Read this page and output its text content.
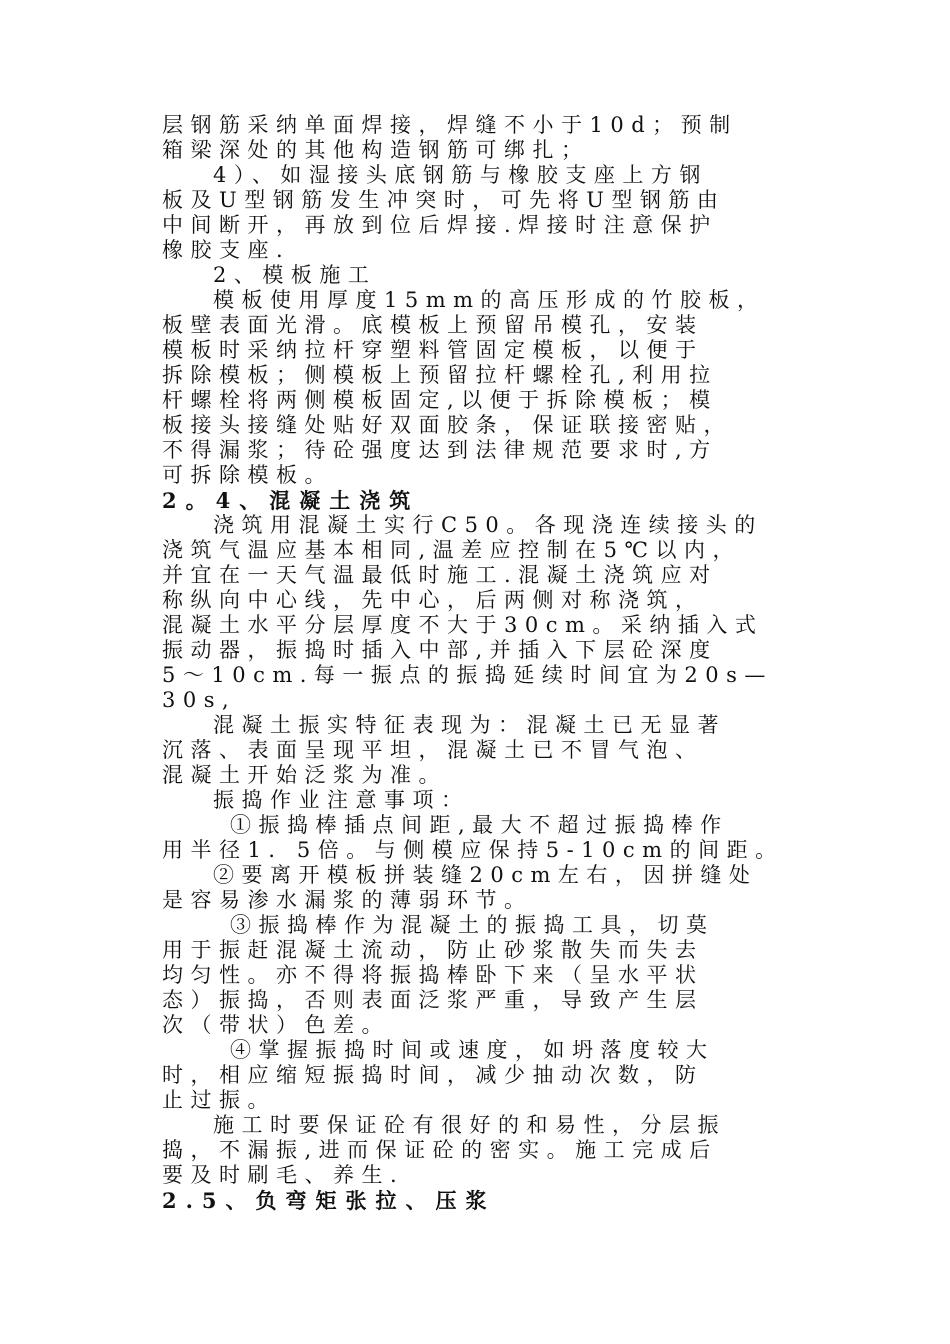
层钢筋采纳单面焊接，焊缝不小于10d；预制
箱梁深处的其他构造钢筋可绑扎；
4）、如湿接头底钢筋与橡胶支座上方钢
板及U型钢筋发生冲突时，可先将U型钢筋由
中间断开，再放到位后焊接.焊接时注意保护
橡胶支座.
2、模板施工
模板使用厚度15mm的高压形成的竹胶板，
板壁表面光滑。底模板上预留吊模孔，安装
模板时采纳拉杆穿塑料管固定模板，以便于
拆除模板；侧模板上预留拉杆螺栓孔,利用拉
杆螺栓将两侧模板固定,以便于拆除模板；模
板接头接缝处贴好双面胶条，保证联接密贴，
不得漏浆；待砼强度达到法律规范要求时,方
可拆除模板。
2。4、混凝土浇筑
浇筑用混凝土实行C50。各现浇连续接头的
浇筑气温应基本相同,温差应控制在5℃以内，
并宜在一天气温最低时施工.混凝土浇筑应对
称纵向中心线，先中心，后两侧对称浇筑，
混凝土水平分层厚度不大于30cm。采纳插入式
振动器，振捣时插入中部,并插入下层砼深度
5～10cm.每一振点的振捣延续时间宜为20s—
30s,
混凝土振实特征表现为：混凝土已无显著
沉落、表面呈现平坦，混凝土已不冒气泡、
混凝土开始泛浆为准。
振捣作业注意事项：
①振捣棒插点间距,最大不超过振捣棒作
用半径1．5倍。与侧模应保持5-10cm的间距。
②要离开模板拼装缝20cm左右，因拼缝处
是容易渗水漏浆的薄弱环节。
③振捣棒作为混凝土的振捣工具，切莫
用于振赶混凝土流动，防止砂浆散失而失去
均匀性。亦不得将振捣棒卧下来（呈水平状
态）振捣，否则表面泛浆严重，导致产生层
次（带状）色差。
④掌握振捣时间或速度，如坍落度较大
时，相应缩短振捣时间，减少抽动次数，防
止过振。
施工时要保证砼有很好的和易性，分层振
捣，不漏振,进而保证砼的密实。施工完成后
要及时刷毛、养生.
2.5、负弯矩张拉、压浆
